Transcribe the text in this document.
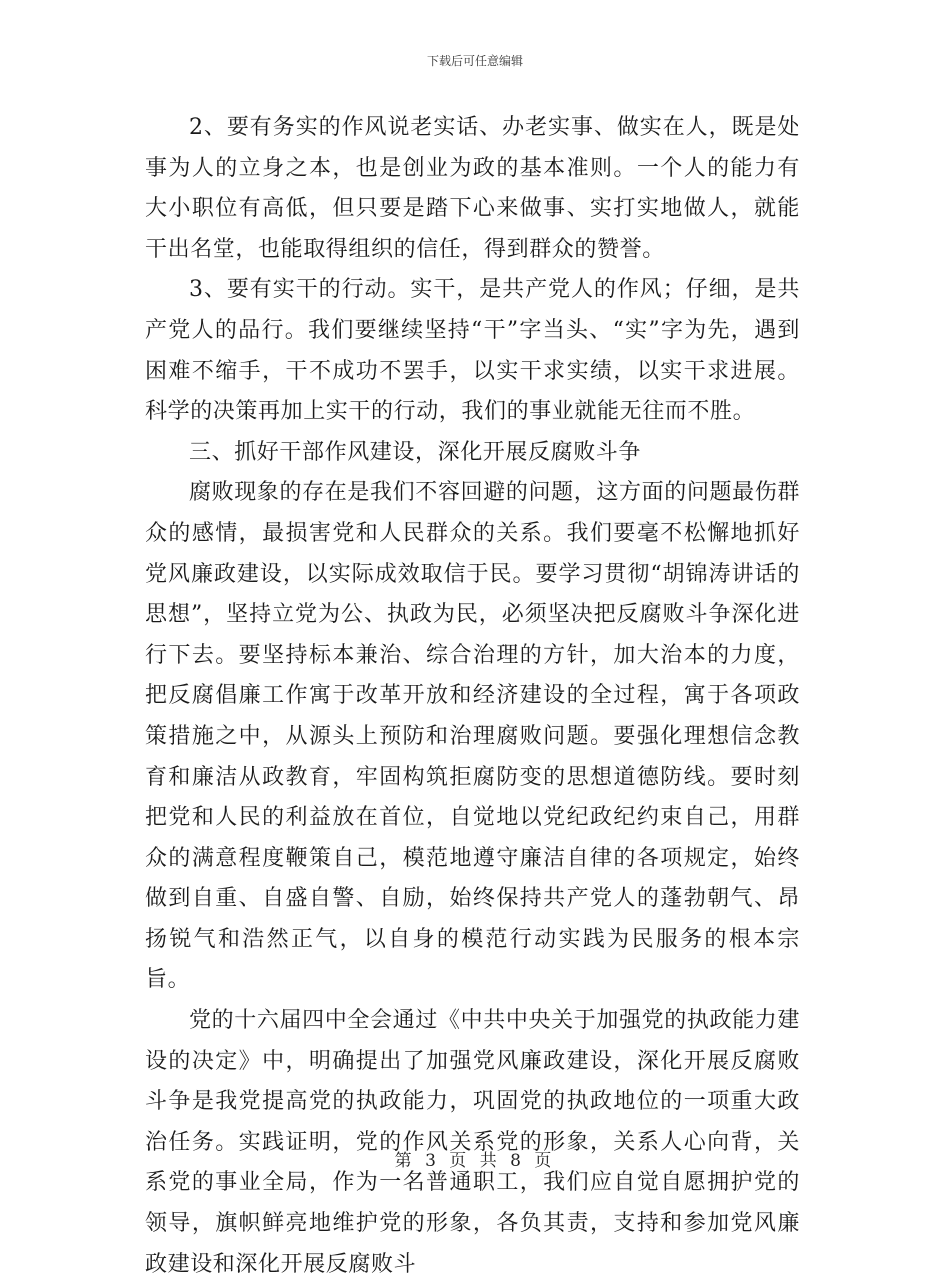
下载后可任意编辑

2、要有务实的作风说老实话、办老实事、做实在人，既是处事为人的立身之本，也是创业为政的基本准则。一个人的能力有大小职位有高低，但只要是踏下心来做事、实打实地做人，就能干出名堂，也能取得组织的信任，得到群众的赞誉。

3、要有实干的行动。实干，是共产党人的作风；仔细，是共产党人的品行。我们要继续坚持“干”字当头、“实”字为先，遇到困难不缩手，干不成功不罢手，以实干求实绩，以实干求进展。科学的决策再加上实干的行动，我们的事业就能无往而不胜。

三、抓好干部作风建设，深化开展反腐败斗争

腐败现象的存在是我们不容回避的问题，这方面的问题最伤群众的感情，最损害党和人民群众的关系。我们要毫不松懈地抓好党风廉政建设，以实际成效取信于民。要学习贯彻“胡锦涛讲话的思想”，坚持立党为公、执政为民，必须坚决把反腐败斗争深化进行下去。要坚持标本兼治、综合治理的方针，加大治本的力度，把反腐倡廉工作寓于改革开放和经济建设的全过程，寓于各项政策措施之中，从源头上预防和治理腐败问题。要强化理想信念教育和廉洁从政教育，牢固构筑拒腐防变的思想道德防线。要时刻把党和人民的利益放在首位，自觉地以党纪政纪约束自己，用群众的满意程度鞭策自己，模范地遵守廉洁自律的各项规定，始终做到自重、自盛自警、自励，始终保持共产党人的蓬勃朝气、昂扬锐气和浩然正气，以自身的模范行动实践为民服务的根本宗旨。

党的十六届四中全会通过《中共中央关于加强党的执政能力建设的决定》中，明确提出了加强党风廉政建设，深化开展反腐败斗争是我党提高党的执政能力，巩固党的执政地位的一项重大政治任务。实践证明，党的作风关系党的形象，关系人心向背，关系党的事业全局，作为一名普通职工，我们应自觉自愿拥护党的领导，旗帜鲜亮地维护党的形象，各负其责，支持和参加党风廉政建设和深化开展反腐败斗

第 3 页 共 8 页
